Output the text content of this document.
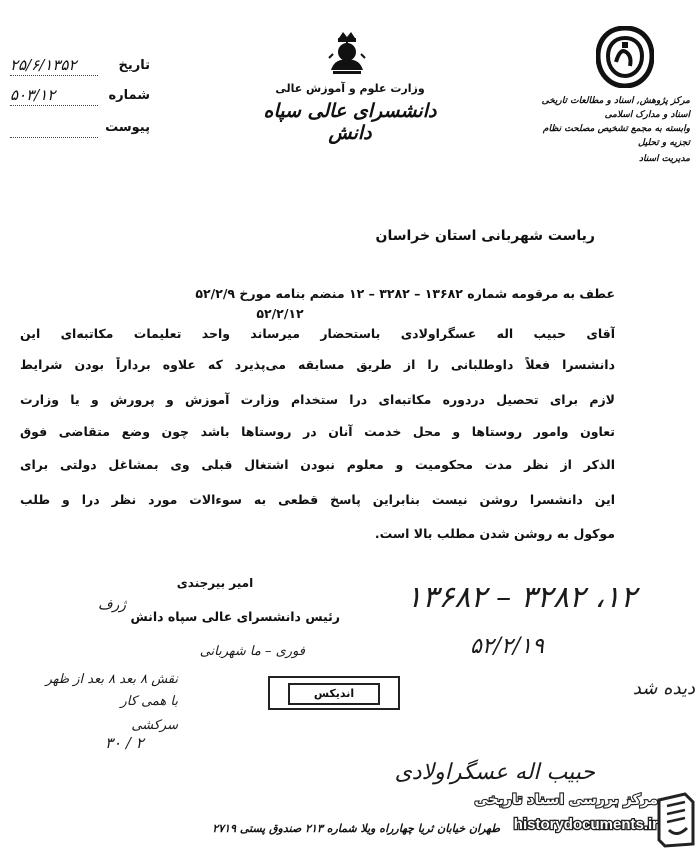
تاریخ
۲۵/۶/۱۳۵۲
شماره
۵۰۳/۱۲
پیوست
وزارت علوم و آموزش عالی
دانشسرای عالی سپاه دانش
مرکز پژوهش, اسناد و مطالعات تاریخی
اسناد و مدارک اسلامی
وابسته به مجمع تشخیص مصلحت نظام
تجزیه و تحلیل
مدیریت اسناد
ریاست شهربانی استان خراسان
عطف به مرقومه شماره ۱۳۶۸۲ – ۳۲۸۲ – ۱۲ منضم بنامه مورخ ۵۲/۲/۹
۵۲/۲/۱۲
آقای حبیب اله عسگراولادی باستحضار میرساند واحد تعلیمات مکاتبه‌ای این
دانشسرا فعلاً داوطلبانی را از طریق مسابقه می‌پذیرد که علاوه برداراً بودن شرایط
لازم برای تحصیل دردوره مکاتبه‌ای درا ستخدام وزارت آموزش و پرورش و یا وزارت
تعاون وامور روستاها و محل خدمت آنان در روستاها باشد چون وضع متقاضی فوق
الذکر از نظر مدت محکومیت و معلوم نبودن اشتغال قبلی وی بمشاغل دولتی برای
این دانشسرا روشن نیست بنابراین پاسخ قطعی به سوءالات مورد نظر درا و طلب
موکول به روشن شدن مطلب بالا است.
امیر بیرجندی
رئیس دانشسرای عالی سپاه دانش
ژرف	۱۳۶۸۲ – ۳۲۸۲ ،۱۲
۵۲/۲/۱۹
اندیکس
فوری – ما شهربانی
نقش ۸ بعد ۸ بعد از ظهر
با همی کار
سرکشی
۳۰ / ۲
دیده شد
حبیب اله عسگراولادی
طهران خیابان ثریا چهارراه ویلا شماره ۲۱۳ صندوق پستی ۲۷۱۹
مرکز بررسی اسناد تاریخی
historydocuments.ir
